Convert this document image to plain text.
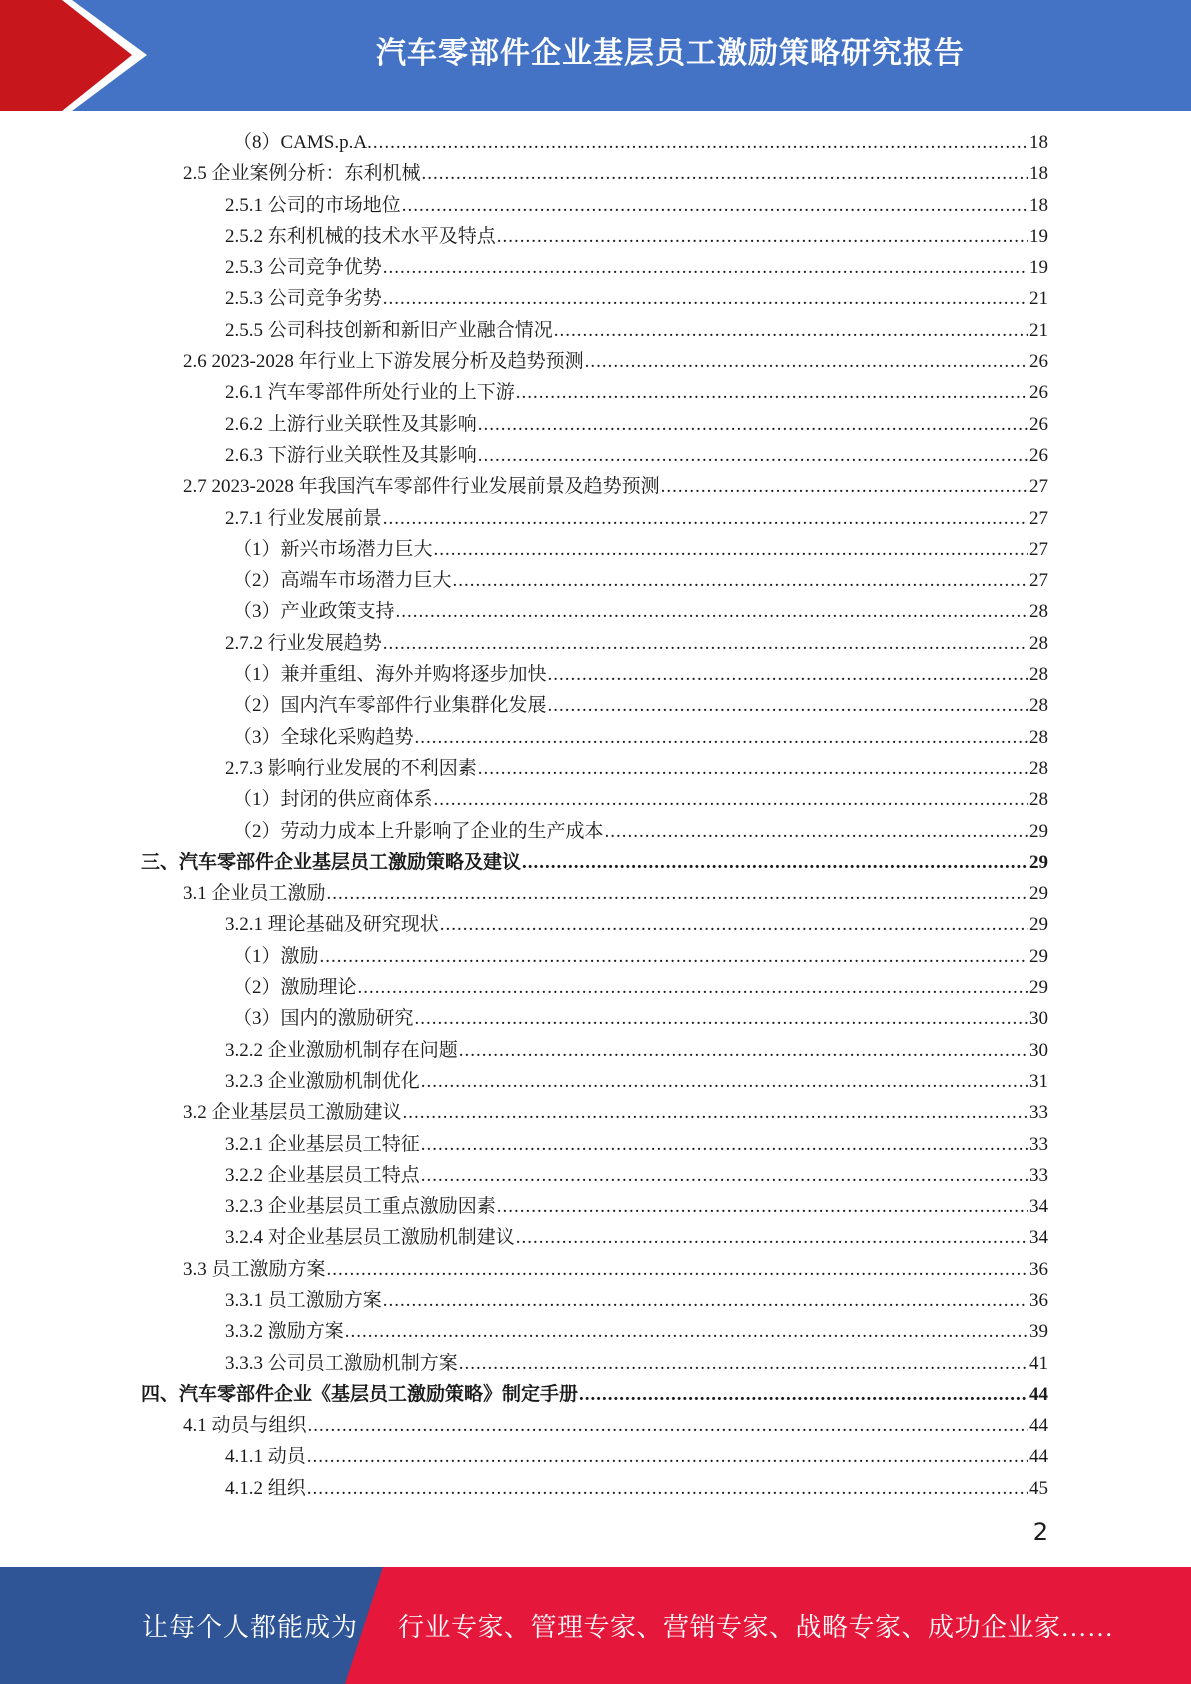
汽车零部件企业基层员工激励策略研究报告
（8）CAMS.p.A. .....	18
2.5 企业案例分析：东利机械 .....	18
2.5.1 公司的市场地位 .....	18
2.5.2 东利机械的技术水平及特点 .....	19
2.5.3 公司竞争优势 .....	19
2.5.3 公司竞争劣势 .....	21
2.5.5 公司科技创新和新旧产业融合情况 .....	21
2.6 2023-2028 年行业上下游发展分析及趋势预测 .....	26
2.6.1 汽车零部件所处行业的上下游 .....	26
2.6.2 上游行业关联性及其影响 .....	26
2.6.3 下游行业关联性及其影响 .....	26
2.7 2023-2028 年我国汽车零部件行业发展前景及趋势预测 .....	27
2.7.1 行业发展前景 .....	27
（1）新兴市场潜力巨大 .....	27
（2）高端车市场潜力巨大 .....	27
（3）产业政策支持 .....	28
2.7.2 行业发展趋势 .....	28
（1）兼并重组、海外并购将逐步加快 .....	28
（2）国内汽车零部件行业集群化发展 .....	28
（3）全球化采购趋势 .....	28
2.7.3 影响行业发展的不利因素 .....	28
（1）封闭的供应商体系 .....	28
（2）劳动力成本上升影响了企业的生产成本 .....	29
三、汽车零部件企业基层员工激励策略及建议 .....	29
3.1 企业员工激励 .....	29
3.2.1 理论基础及研究现状 .....	29
（1）激励 .....	29
（2）激励理论 .....	29
（3）国内的激励研究 .....	30
3.2.2 企业激励机制存在问题 .....	30
3.2.3 企业激励机制优化 .....	31
3.2 企业基层员工激励建议 .....	33
3.2.1 企业基层员工特征 .....	33
3.2.2 企业基层员工特点 .....	33
3.2.3 企业基层员工重点激励因素 .....	34
3.2.4 对企业基层员工激励机制建议 .....	34
3.3 员工激励方案 .....	36
3.3.1 员工激励方案 .....	36
3.3.2 激励方案 .....	39
3.3.3 公司员工激励机制方案 .....	41
四、汽车零部件企业《基层员工激励策略》制定手册 .....	44
4.1 动员与组织 .....	44
4.1.1 动员 .....	44
4.1.2 组织 .....	45
2
让每个人都能成为 行业专家、管理专家、营销专家、战略专家、成功企业家……
